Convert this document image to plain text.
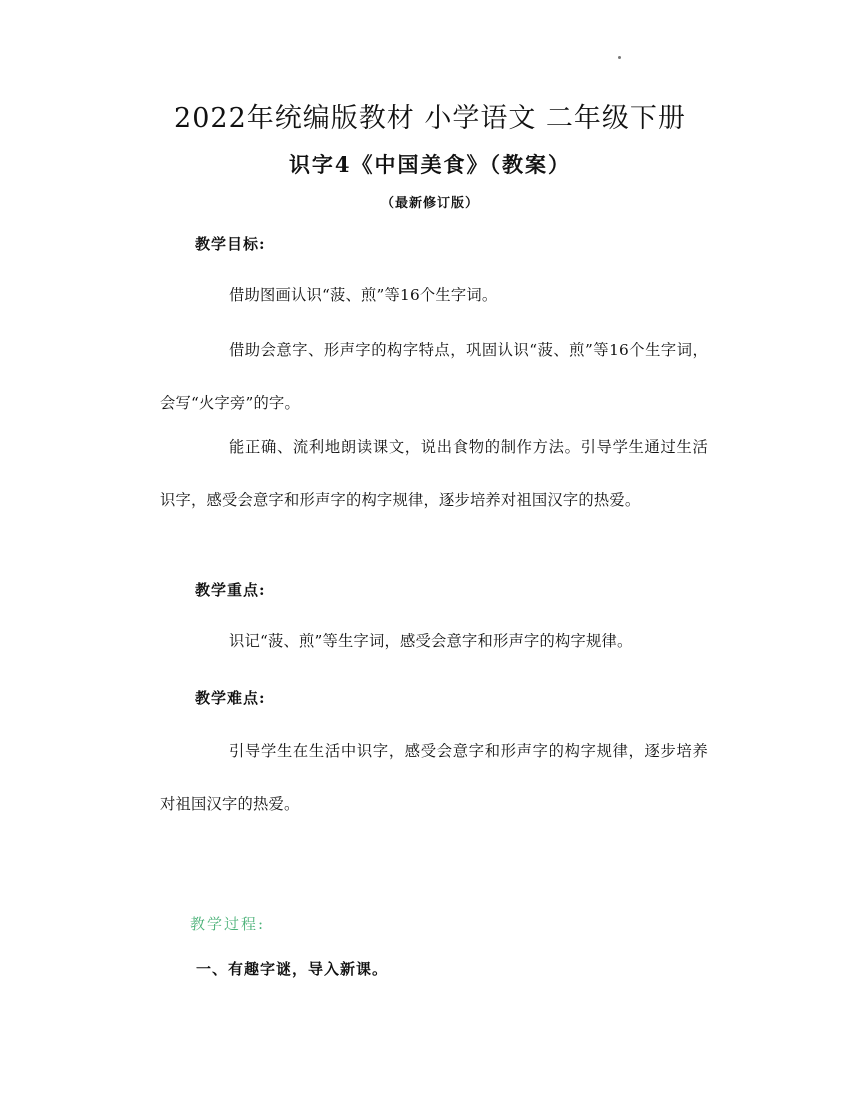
2022年统编版教材 小学语文 二年级下册
识字4《中国美食》（教案）
（最新修订版）
教学目标:

借助图画认识“菠、煎”等16个生字词。

借助会意字、形声字的构字特点，巩固认识“菠、煎”等16个生字词，会写“火字旁”的字。

能正确、流利地朗读课文，说出食物的制作方法。引导学生通过生活识字，感受会意字和形声字的构字规律，逐步培养对祖国汉字的热爱。

教学重点:

识记“菠、煎”等生字词，感受会意字和形声字的构字规律。

教学难点:

引导学生在生活中识字，感受会意字和形声字的构字规律，逐步培养对祖国汉字的热爱。

教学过程:
一、有趣字谜，导入新课。
